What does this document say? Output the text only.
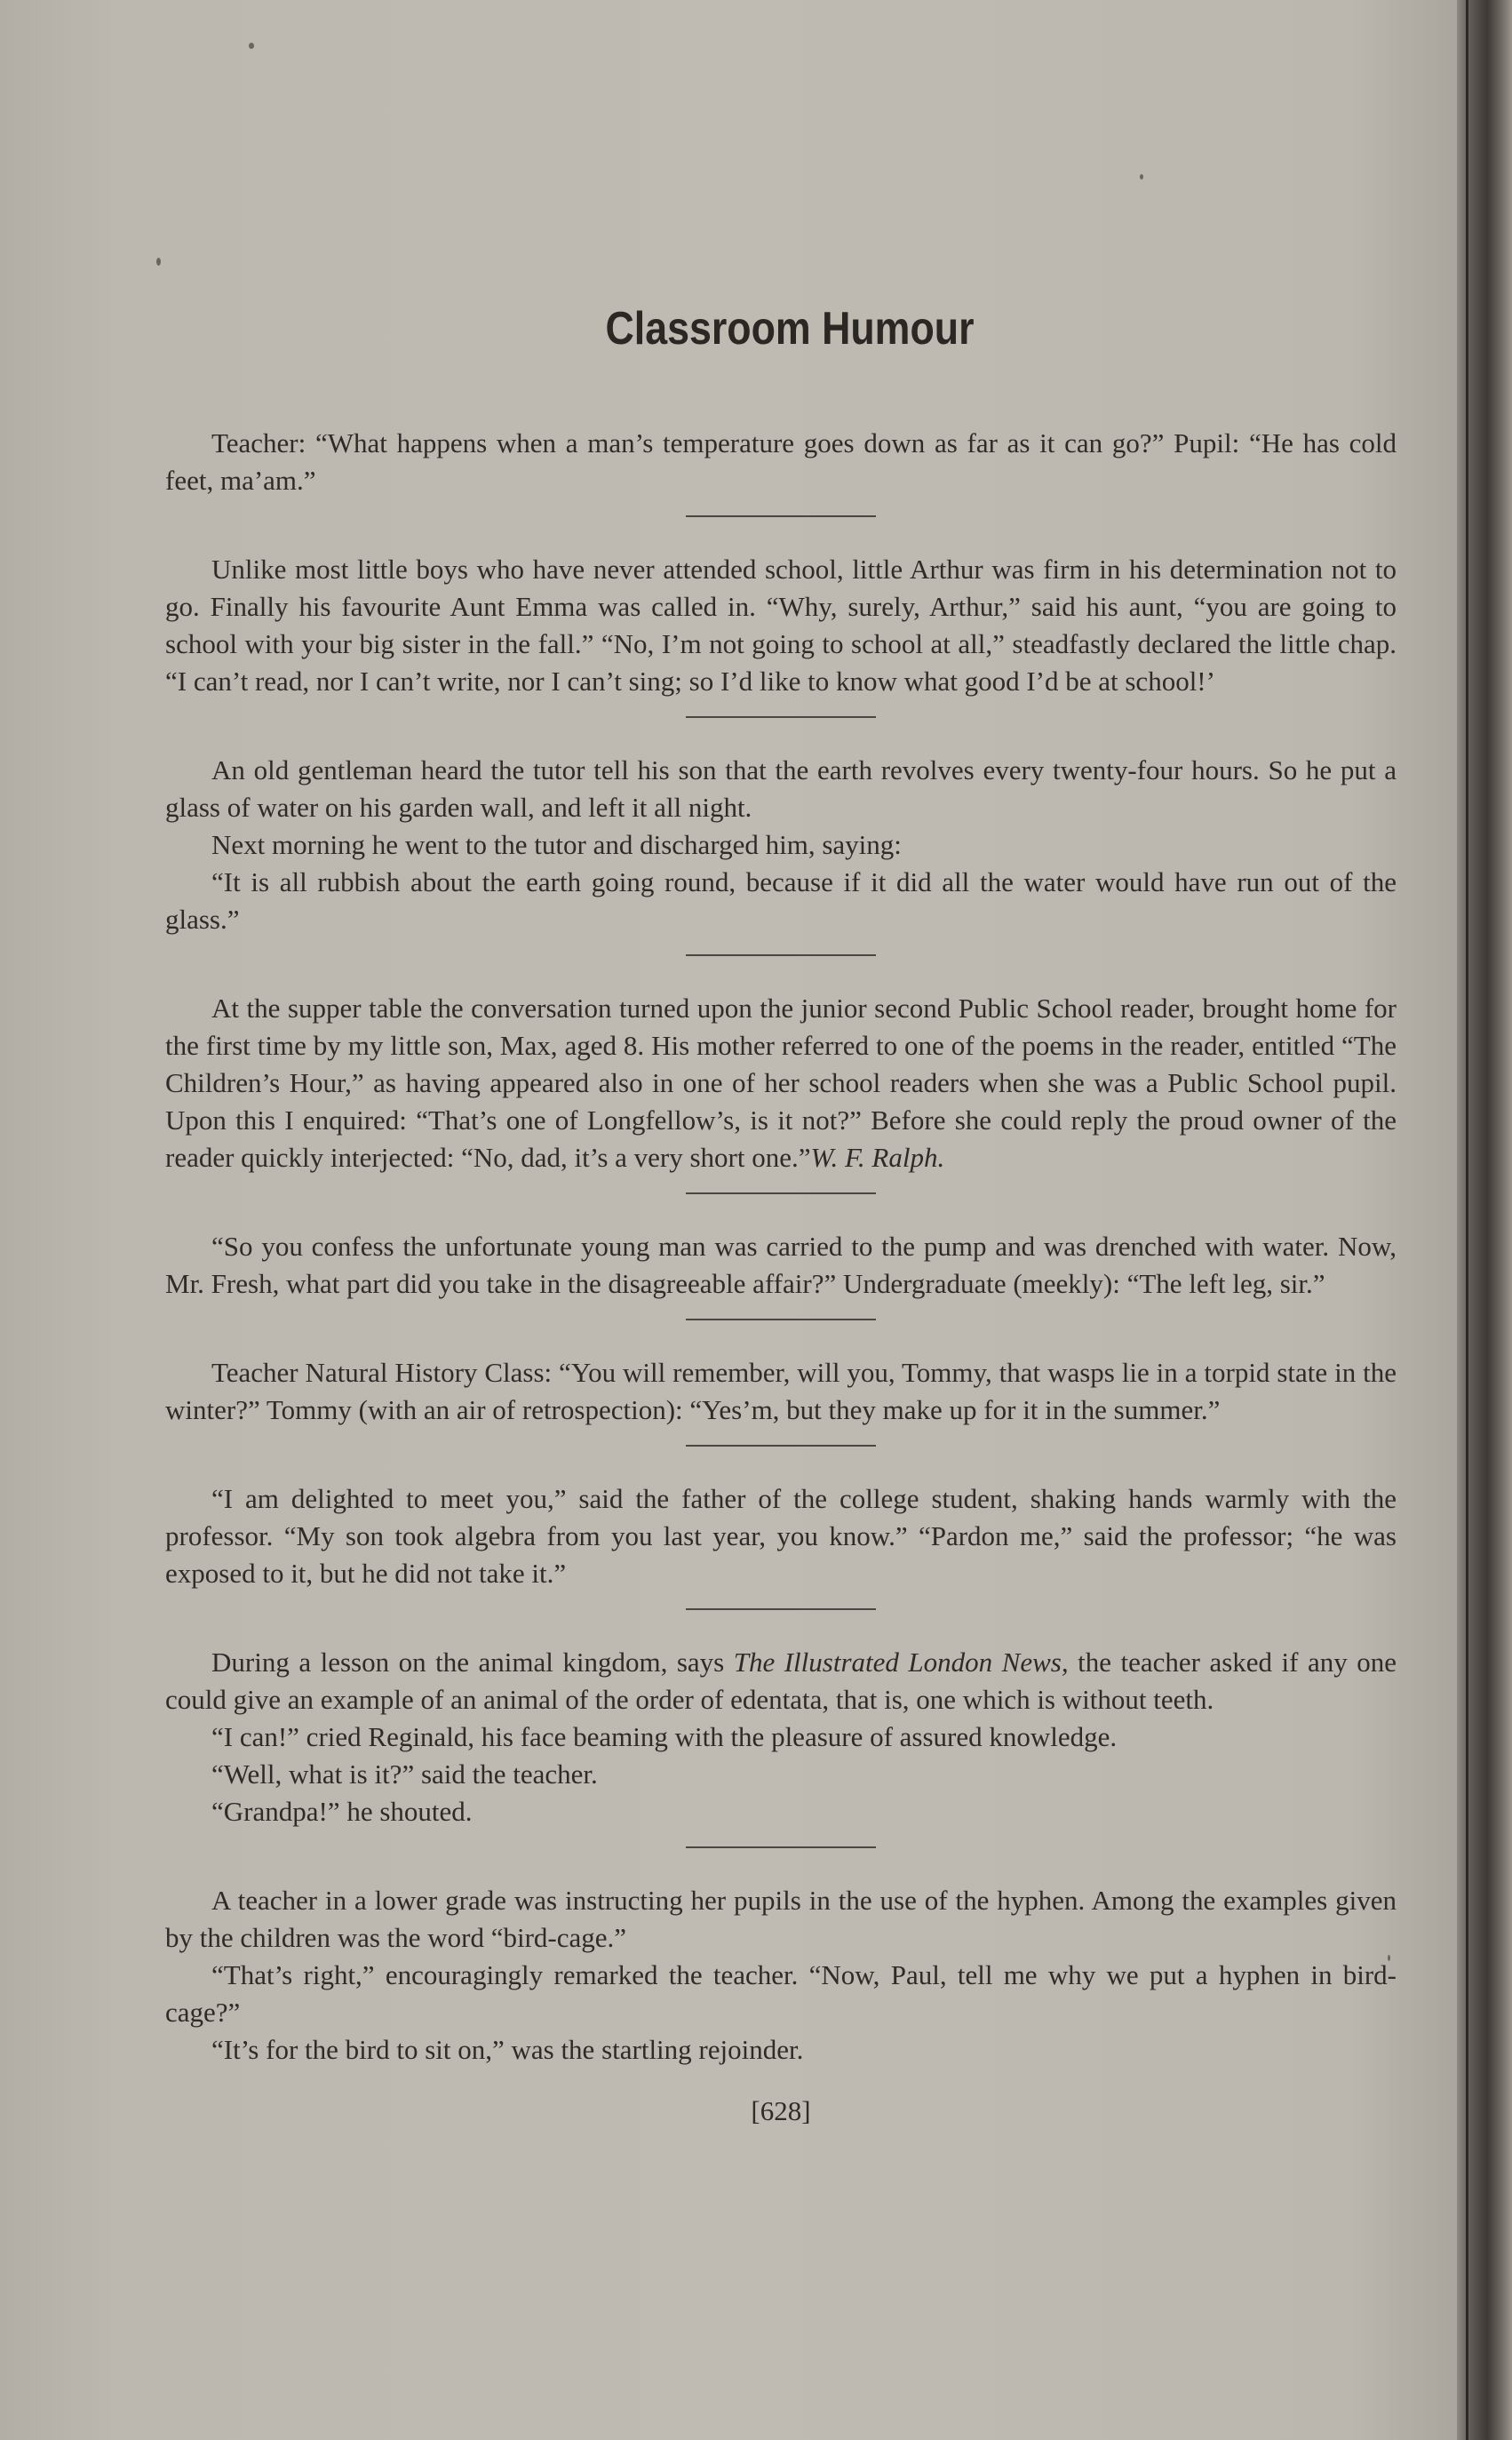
Classroom Humour

Teacher: “What happens when a man’s temperature goes down as far as it can go?” Pupil: “He has cold feet, ma’am.”

Unlike most little boys who have never attended school, little Arthur was firm in his determination not to go. Finally his favourite Aunt Emma was called in. “Why, surely, Arthur,” said his aunt, “you are going to school with your big sister in the fall.” “No, I’m not going to school at all,” steadfastly declared the little chap. “I can’t read, nor I can’t write, nor I can’t sing; so I’d like to know what good I’d be at school!’

An old gentleman heard the tutor tell his son that the earth revolves every twenty-four hours. So he put a glass of water on his garden wall, and left it all night.

Next morning he went to the tutor and discharged him, saying:

“It is all rubbish about the earth going round, because if it did all the water would have run out of the glass.”

At the supper table the conversation turned upon the junior second Public School reader, brought home for the first time by my little son, Max, aged 8. His mother referred to one of the poems in the reader, entitled “The Children’s Hour,” as having appeared also in one of her school readers when she was a Public School pupil. Upon this I enquired: “That’s one of Longfellow’s, is it not?” Before she could reply the proud owner of the reader quickly interjected: “No, dad, it’s a very short one.”W. F. Ralph.

“So you confess the unfortunate young man was carried to the pump and was drenched with water. Now, Mr. Fresh, what part did you take in the disagreeable affair?” Undergraduate (meekly): “The left leg, sir.”

Teacher Natural History Class: “You will remember, will you, Tommy, that wasps lie in a torpid state in the winter?” Tommy (with an air of retrospection): “Yes’m, but they make up for it in the summer.”

“I am delighted to meet you,” said the father of the college student, shaking hands warmly with the professor. “My son took algebra from you last year, you know.” “Pardon me,” said the professor; “he was exposed to it, but he did not take it.”

During a lesson on the animal kingdom, says The Illustrated London News, the teacher asked if any one could give an example of an animal of the order of edentata, that is, one which is without teeth.

“I can!” cried Reginald, his face beaming with the pleasure of assured knowledge.

“Well, what is it?” said the teacher.

“Grandpa!” he shouted.

A teacher in a lower grade was instructing her pupils in the use of the hyphen. Among the examples given by the children was the word “bird-cage.”

“That’s right,” encouragingly remarked the teacher. “Now, Paul, tell me why we put a hyphen in bird-cage?”

“It’s for the bird to sit on,” was the startling rejoinder.

[628]
